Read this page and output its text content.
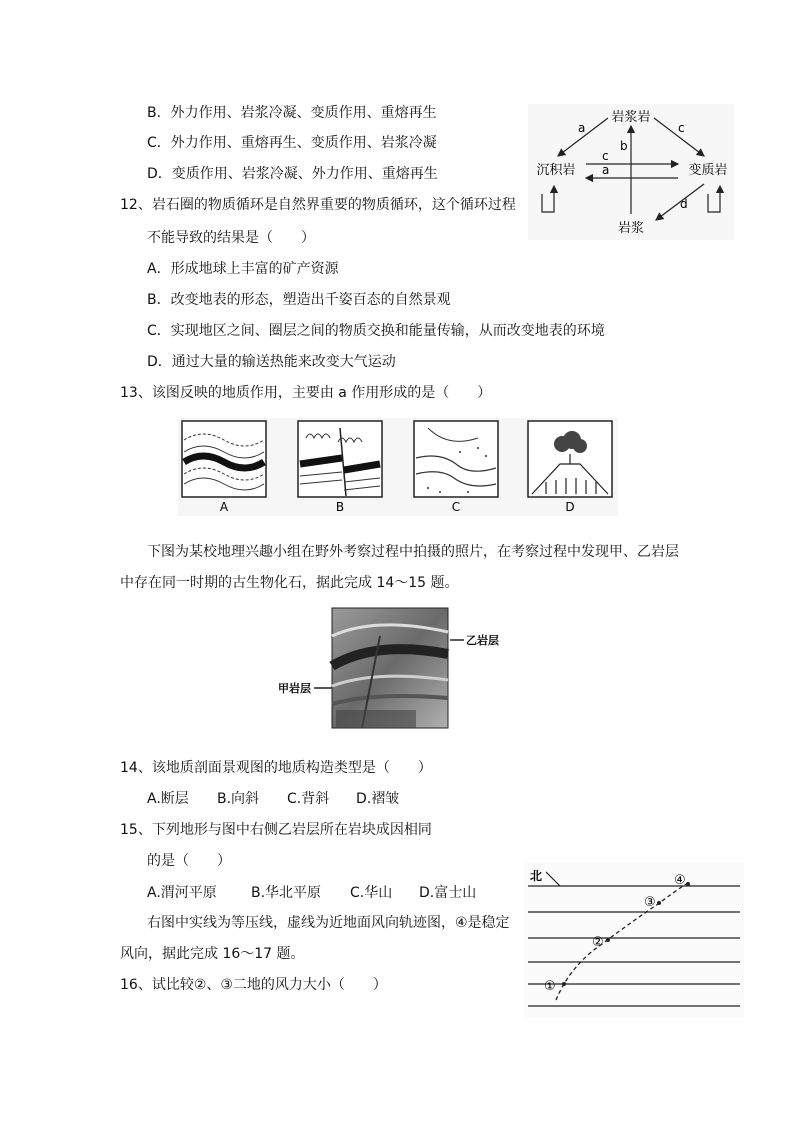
B．外力作用、岩浆冷凝、变质作用、重熔再生
C．外力作用、重熔再生、变质作用、岩浆冷凝
D．变质作用、岩浆冷凝、外力作用、重熔再生
岩浆岩
沉积岩	变质岩
岩浆
a	c
b
c
a
d
12、岩石圈的物质循环是自然界重要的物质循环，这个循环过程
不能导致的结果是（　　）
A．形成地球上丰富的矿产资源
B．改变地表的形态，塑造出千姿百态的自然景观
C．实现地区之间、圈层之间的物质交换和能量传输，从而改变地表的环境
D．通过大量的输送热能来改变大气运动
13、该图反映的地质作用，主要由 a 作用形成的是（　　）
A	B	C	D
下图为某校地理兴趣小组在野外考察过程中拍摄的照片，在考察过程中发现甲、乙岩层
中存在同一时期的古生物化石，据此完成 14～15 题。
乙岩层
甲岩层
14、该地质剖面景观图的地质构造类型是（　　）
A.断层 B.向斜 C.背斜 D.褶皱
15、下列地形与图中右侧乙岩层所在岩块成因相同
的是（　　）
A.渭河平原 B.华北平原 C.华山 D.富士山
右图中实线为等压线，虚线为近地面风向轨迹图，④是稳定
风向，据此完成 16～17 题。
16、试比较②、③二地的风力大小（　　）
北
①
②
③
④
